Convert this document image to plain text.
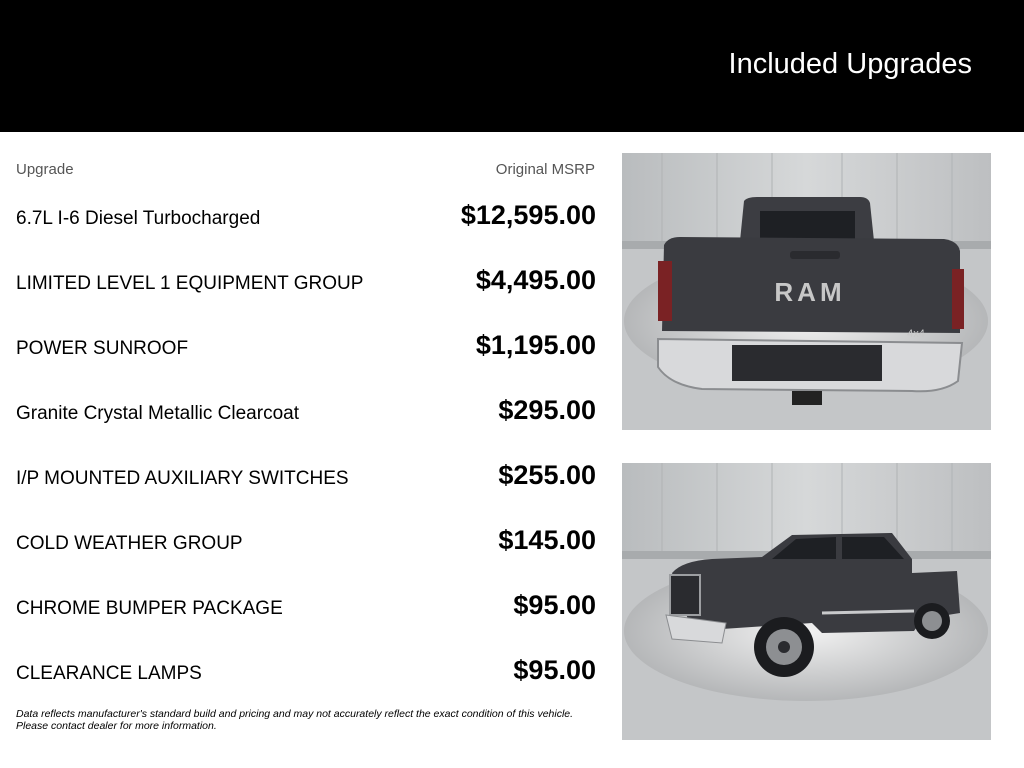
Included Upgrades
Upgrade	Original MSRP
6.7L I-6 Diesel Turbocharged	$12,595.00
LIMITED LEVEL 1 EQUIPMENT GROUP	$4,495.00
POWER SUNROOF	$1,195.00
Granite Crystal Metallic Clearcoat	$295.00
I/P MOUNTED AUXILIARY SWITCHES	$255.00
COLD WEATHER GROUP	$145.00
CHROME BUMPER PACKAGE	$95.00
CLEARANCE LAMPS	$95.00
Data reflects manufacturer's standard build and pricing and may not accurately reflect the exact condition of this vehicle.
Please contact dealer for more information.
RAM
4x4
